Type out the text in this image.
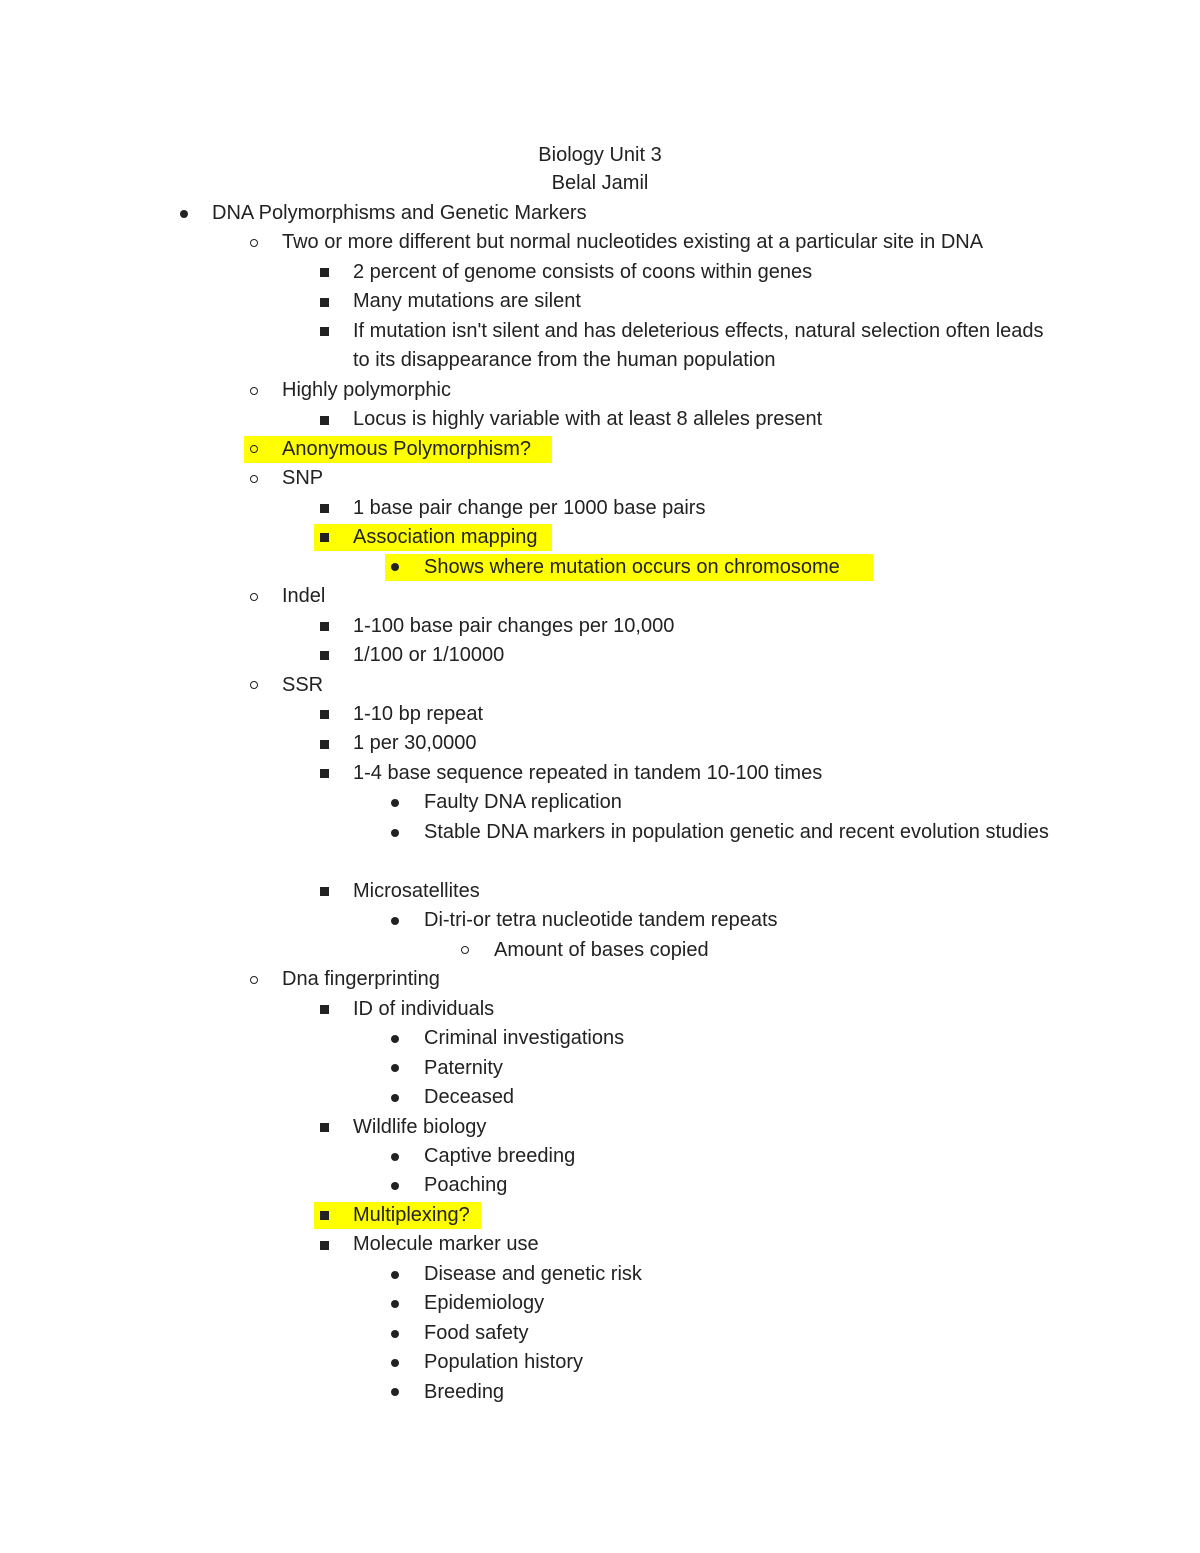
Biology Unit 3
Belal Jamil
DNA Polymorphisms and Genetic Markers
Two or more different but normal nucleotides existing at a particular site in DNA
2 percent of genome consists of coons within genes
Many mutations are silent
If mutation isn't silent and has deleterious effects, natural selection often leads to its disappearance from the human population
Highly polymorphic
Locus is highly variable with at least 8 alleles present
Anonymous Polymorphism?
SNP
1 base pair change per 1000 base pairs
Association mapping
Shows where mutation occurs on chromosome
Indel
1-100 base pair changes per 10,000
1/100 or 1/10000
SSR
1-10 bp repeat
1 per 30,0000
1-4 base sequence repeated in tandem 10-100 times
Faulty DNA replication
Stable DNA markers in population genetic and recent evolution studies
Microsatellites
Di-tri-or tetra nucleotide tandem repeats
Amount of bases copied
Dna fingerprinting
ID of individuals
Criminal investigations
Paternity
Deceased
Wildlife biology
Captive breeding
Poaching
Multiplexing?
Molecule marker use
Disease and genetic risk
Epidemiology
Food safety
Population history
Breeding
